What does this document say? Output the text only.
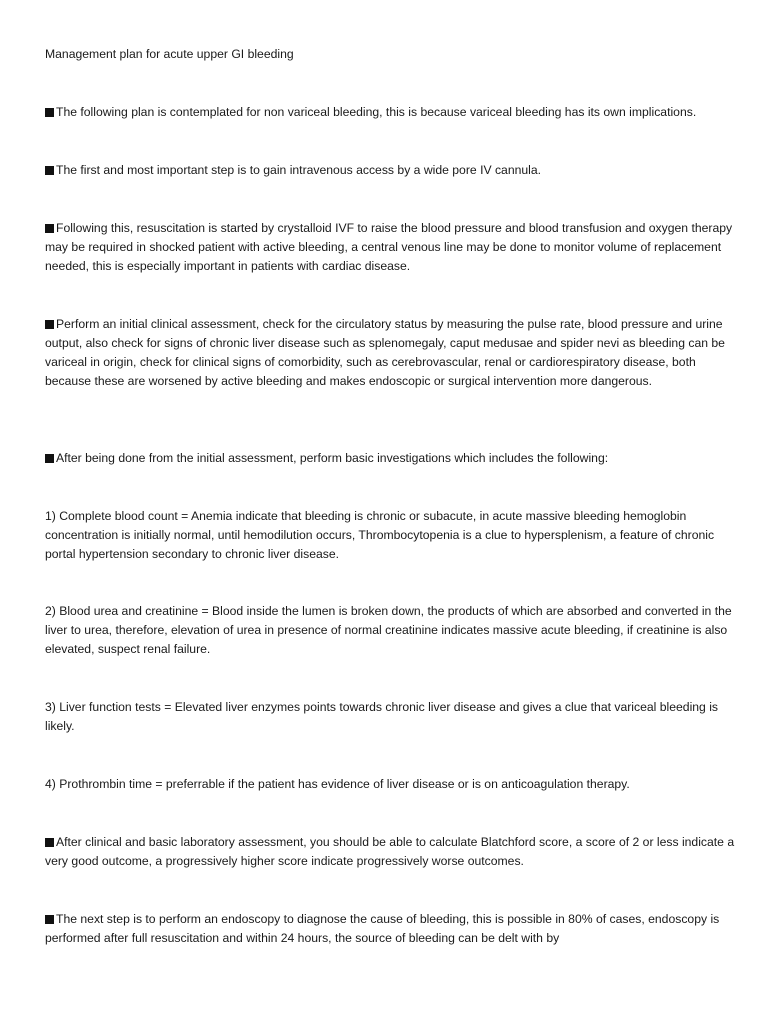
Management plan for acute upper GI bleeding

The following plan is contemplated for non variceal bleeding, this is because variceal bleeding has its own implications.

The first and most important step is to gain intravenous access by a wide pore IV cannula.

Following this, resuscitation is started by crystalloid IVF to raise the blood pressure and blood transfusion and oxygen therapy may be required in shocked patient with active bleeding, a central venous line may be done to monitor volume of replacement needed, this is especially important in patients with cardiac disease.

Perform an initial clinical assessment, check for the circulatory status by measuring the pulse rate, blood pressure and urine output, also check for signs of chronic liver disease such as splenomegaly, caput medusae and spider nevi as bleeding can be variceal in origin, check for clinical signs of comorbidity, such as cerebrovascular, renal or cardiorespiratory disease, both because these are worsened by active bleeding and makes endoscopic or surgical intervention more dangerous.

After being done from the initial assessment, perform basic investigations which includes the following:

1) Complete blood count = Anemia indicate that bleeding is chronic or subacute, in acute massive bleeding hemoglobin concentration is initially normal, until hemodilution occurs, Thrombocytopenia is a clue to hypersplenism, a feature of chronic portal hypertension secondary to chronic liver disease.

2) Blood urea and creatinine = Blood inside the lumen is broken down, the products of which are absorbed and converted in the liver to urea, therefore, elevation of urea in presence of normal creatinine indicates massive acute bleeding, if creatinine is also elevated, suspect renal failure.

3) Liver function tests = Elevated liver enzymes points towards chronic liver disease and gives a clue that variceal bleeding is likely.

4) Prothrombin time = preferrable if the patient has evidence of liver disease or is on anticoagulation therapy.

After clinical and basic laboratory assessment, you should be able to calculate Blatchford score, a score of 2 or less indicate a very good outcome, a progressively higher score indicate progressively worse outcomes.

The next step is to perform an endoscopy to diagnose the cause of bleeding, this is possible in 80% of cases, endoscopy is performed after full resuscitation and within 24 hours, the source of bleeding can be delt with by
